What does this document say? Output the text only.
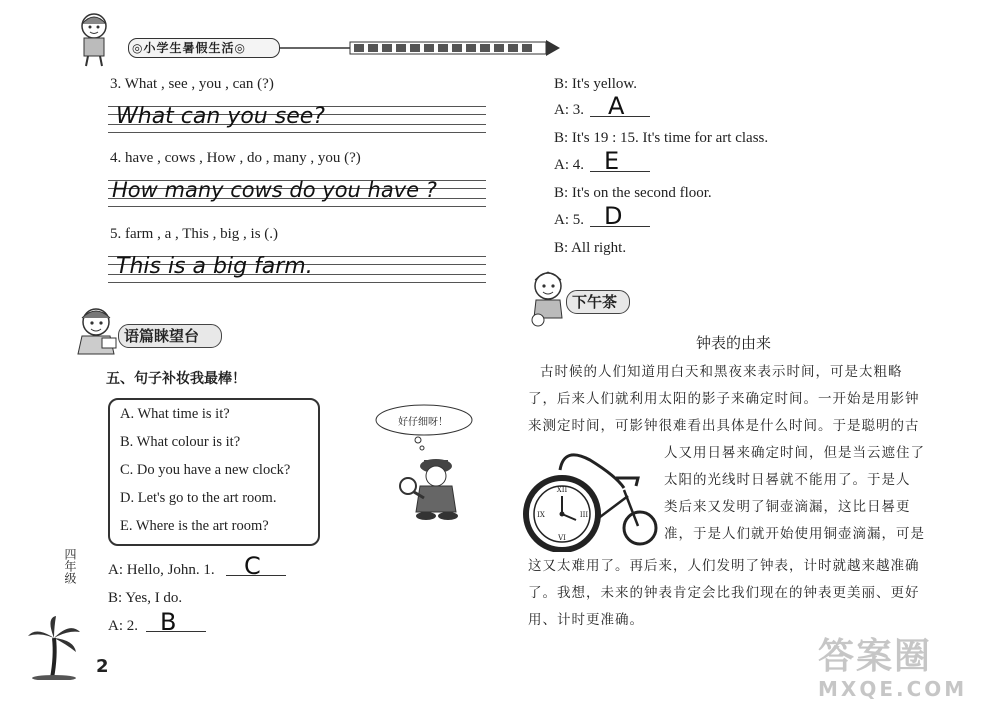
◎小学生暑假生活◎
3. What , see , you , can (?)
What can you see?
4. have , cows , How , do , many , you (?)
How many cows do you have ?
5. farm , a , This , big , is (.)
This is a big farm.
语篇睐望台
五、句子补妆我最棒！
A. What time is it?
B. What colour is it?
C. Do you have a new clock?
D. Let's go to the art room.
E. Where is the art room?
好仔细呀！
A: Hello, John. 1. C
B: Yes, I do.
A: 2. B
四年级
2
B: It's yellow.
A: 3. A
B: It's 19 : 15. It's time for art class.
A: 4. E
B: It's on the second floor.
A: 5. D
B: All right.
下午茶
钟表的由来
古时候的人们知道用白天和黑夜来表示时间，可是太粗略
了，后来人们就利用太阳的影子来确定时间。一开始是用影钟
来测定时间，可影钟很难看出具体是什么时间。于是聪明的古
人又用日晷来确定时间，但是当云遮住了
太阳的光线时日晷就不能用了。于是人
类后来又发明了铜壶滴漏，这比日晷更
准，于是人们就开始使用铜壶滴漏，可是
这又太难用了。再后来，人们发明了钟表，计时就越来越准确
了。我想，未来的钟表肯定会比我们现在的钟表更美丽、更好
用、计时更准确。
XII
III
VI
IX
答案圈
MXQE.COM
